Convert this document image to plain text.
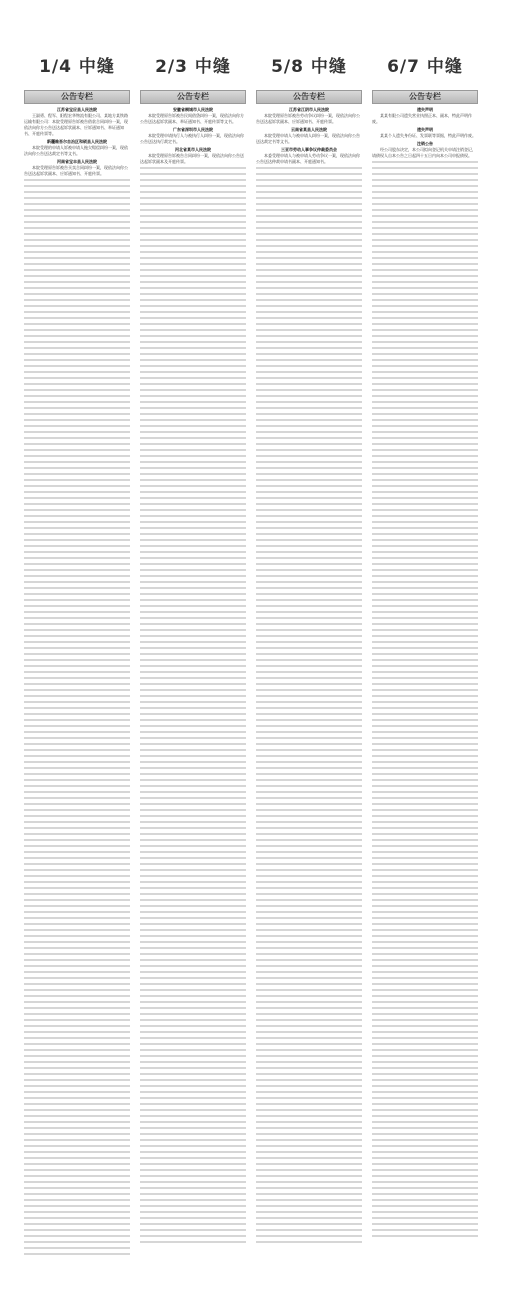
1/4 中缝	2/3 中缝	5/8 中缝	6/7 中缝
公告专栏
江苏省宝应县人民法院
王淑勇、程军、阳程宏华物流有限公司、某地方某铁路运输有限公司：本院受理原告诉被告借款合同纠纷一案，现依法向你方公告送达起诉状副本、应诉通知书、举证通知书、开庭传票等。
新疆维吾尔自治区和硕县人民法院
本院受理的申请人诉被申请人拖欠赔偿纠纷一案，现依法向你公告送达裁定书等文书。
河南省宝丰县人民法院
本院受理原告诉被告买卖合同纠纷一案，现依法向你公告送达起诉状副本、应诉通知书、开庭传票。
公告专栏
安徽省桐城市人民法院
本院受理原告诉被告民间借贷纠纷一案，现依法向你方公告送达起诉状副本、举证通知书、开庭传票等文书。
广东省深圳市人民法院
本院受理申请执行人与被执行人纠纷一案，现依法向你公告送达执行裁定书。
河北省某市人民法院
本院受理原告诉被告合同纠纷一案，现依法向你公告送达起诉状副本及开庭传票。
公告专栏
江苏省江阴市人民法院
本院受理原告诉被告劳动争议纠纷一案，现依法向你公告送达起诉状副本、应诉通知书、开庭传票。
云南省某县人民法院
本院受理申请人与被申请人纠纷一案，现依法向你公告送达裁定书等文书。
三亚市劳动人事争议仲裁委员会
本委受理申请人与被申请人劳动争议一案，现依法向你公告送达仲裁申请书副本、开庭通知书。
公告专栏
遗失声明
某某有限公司遗失营业执照正本、副本，特此声明作废。
遗失声明
某某个人遗失身份证、发票联等票据，特此声明作废。
注销公告
经公司股东决定，本公司拟向登记机关申请注销登记，请债权人自本公告之日起四十五日内向本公司申报债权。
